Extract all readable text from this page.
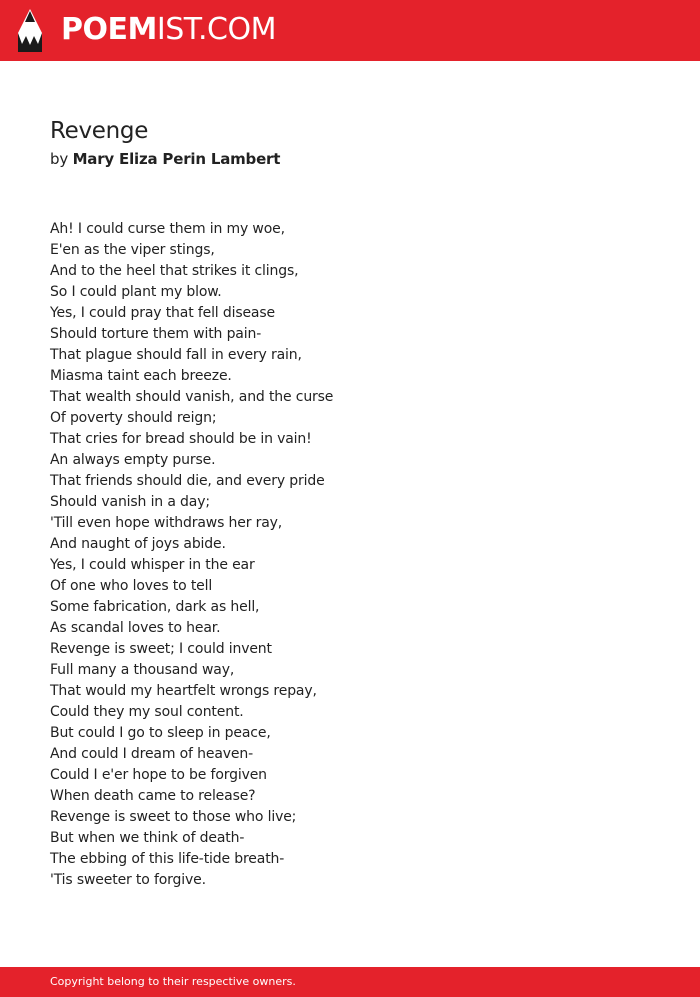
POEMIST.COM
Revenge
by Mary Eliza Perin Lambert
Ah! I could curse them in my woe,
E'en as the viper stings,
And to the heel that strikes it clings,
So I could plant my blow.
Yes, I could pray that fell disease
Should torture them with pain-
That plague should fall in every rain,
Miasma taint each breeze.
That wealth should vanish, and the curse
Of poverty should reign;
That cries for bread should be in vain!
An always empty purse.
That friends should die, and every pride
Should vanish in a day;
'Till even hope withdraws her ray,
And naught of joys abide.
Yes, I could whisper in the ear
Of one who loves to tell
Some fabrication, dark as hell,
As scandal loves to hear.
Revenge is sweet; I could invent
Full many a thousand way,
That would my heartfelt wrongs repay,
Could they my soul content.
But could I go to sleep in peace,
And could I dream of heaven-
Could I e'er hope to be forgiven
When death came to release?
Revenge is sweet to those who live;
But when we think of death-
The ebbing of this life-tide breath-
'Tis sweeter to forgive.
Copyright belong to their respective owners.
